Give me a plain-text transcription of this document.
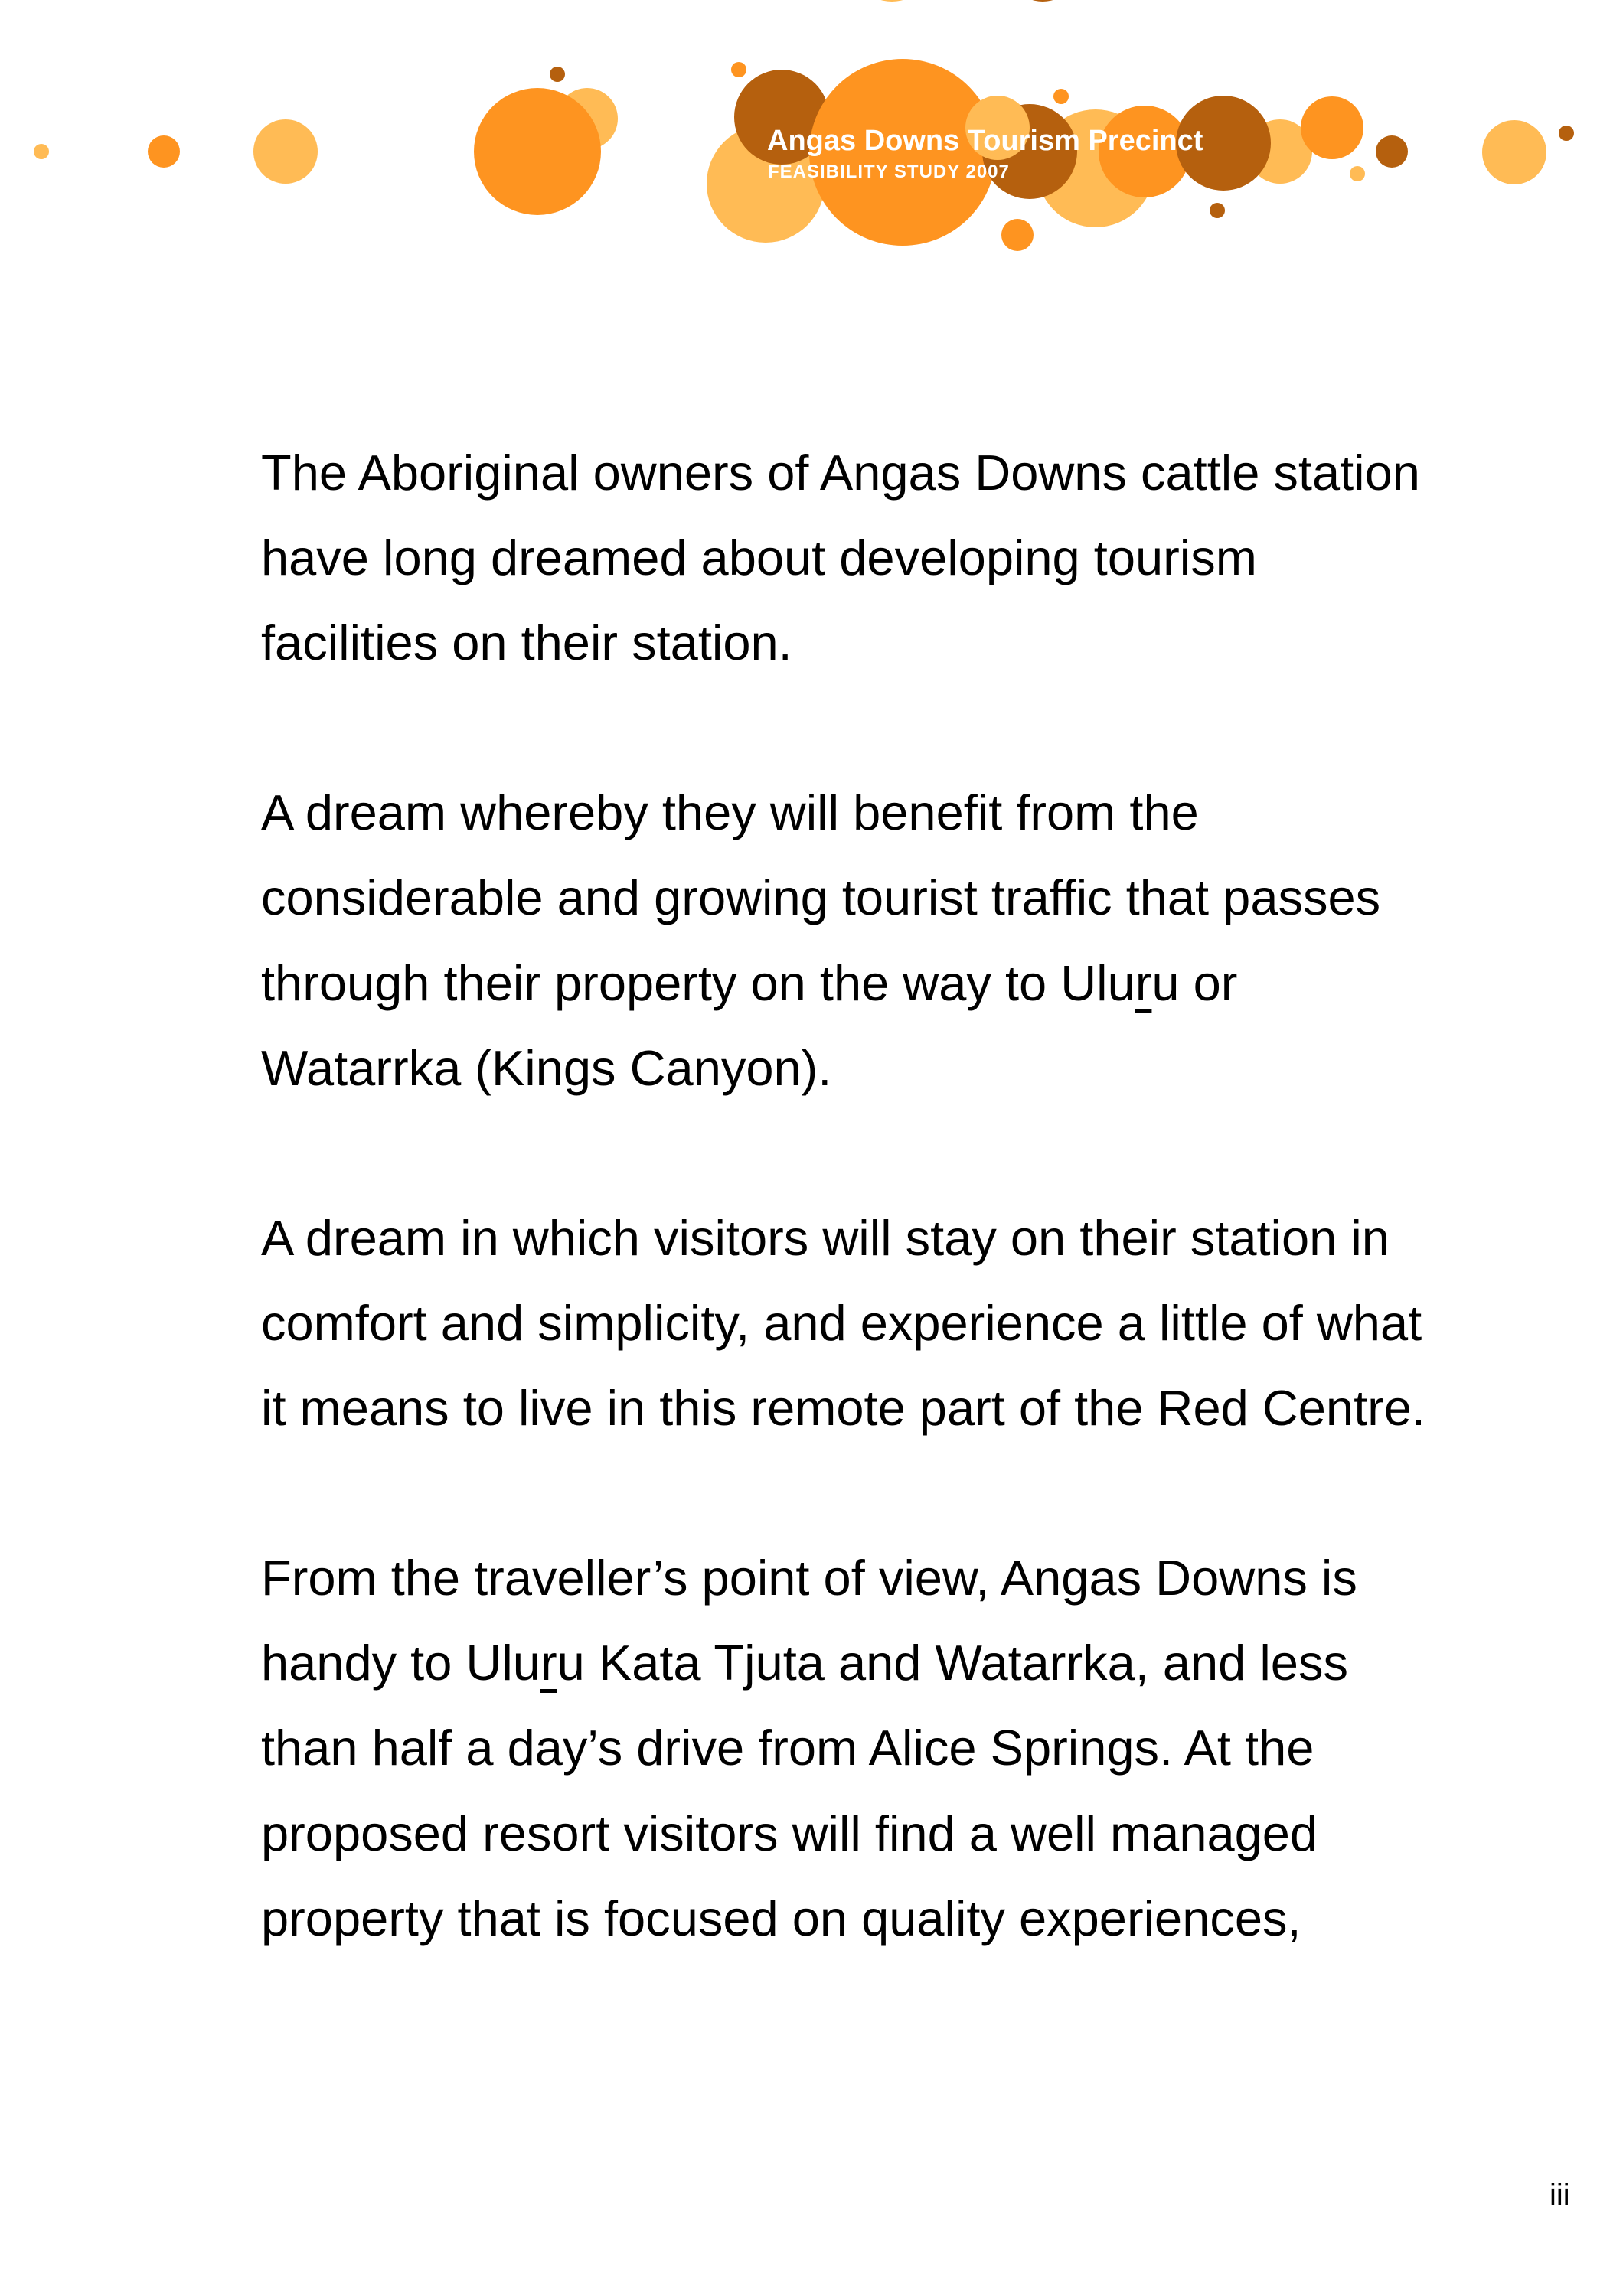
Angas Downs Tourism Precinct
FEASIBILITY STUDY 2007
The Aboriginal owners of Angas Downs cattle station
have long dreamed about developing tourism
facilities on their station.
A dream whereby they will benefit from the
considerable and growing tourist traffic that passes
through their property on the way to Uluru or
Watarrka (Kings Canyon).
A dream in which visitors will stay on their station in
comfort and simplicity, and experience a little of what
it means to live in this remote part of the Red Centre.
From the traveller’s point of view, Angas Downs is
handy to Uluru Kata Tjuta and Watarrka, and less
than half a day’s drive from Alice Springs. At the
proposed resort visitors will find a well managed
property that is focused on quality experiences,
iii
